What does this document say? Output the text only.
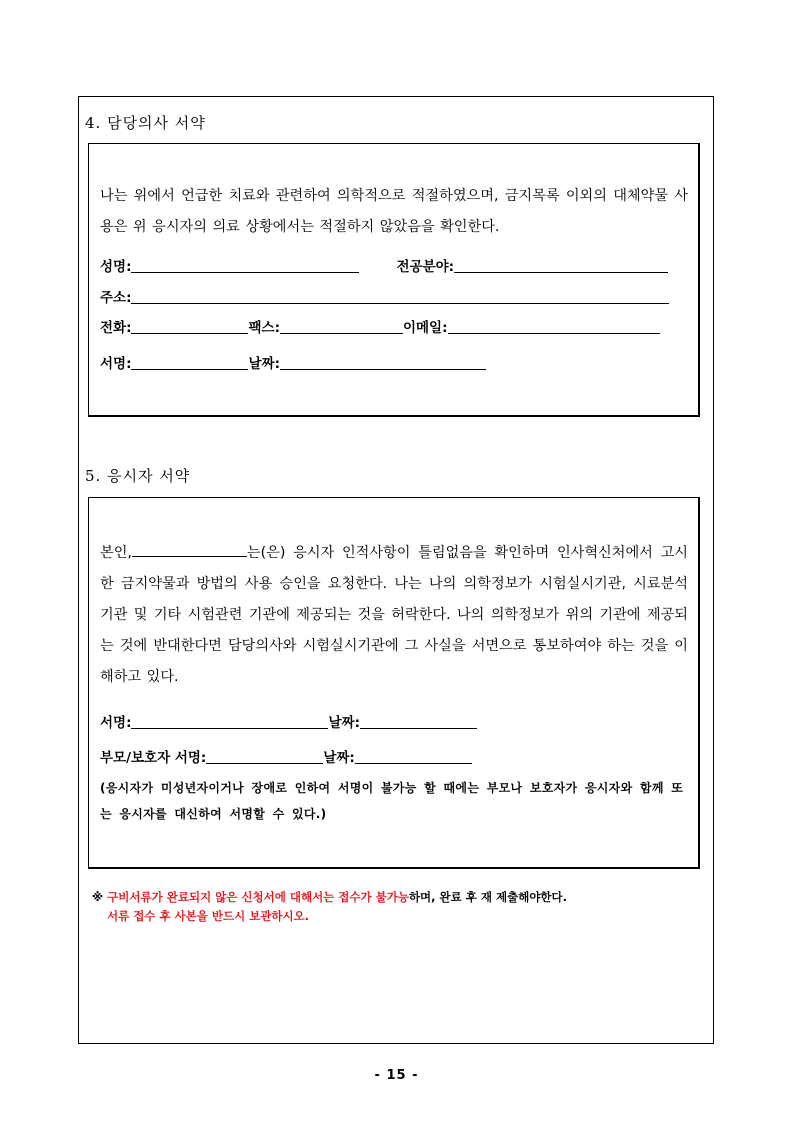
4. 담당의사 서약
나는 위에서 언급한 치료와 관련하여 의학적으로 적절하였으며, 금지목록 이외의 대체약물 사용은 위 응시자의 의료 상황에서는 적절하지 않았음을 확인한다.
성명:	전공분야:
주소:
전화:	팩스:	이메일:
서명:	날짜:
5. 응시자 서약
본인,	는(은) 응시자 인적사항이 틀림없음을 확인하며 인사혁신처에서 고시한 금지약물과 방법의 사용 승인을 요청한다. 나는 나의 의학정보가 시험실시기관, 시료분석 기관 및 기타 시험관련 기관에 제공되는 것을 허락한다. 나의 의학정보가 위의 기관에 제공되는 것에 반대한다면 담당의사와 시험실시기관에 그 사실을 서면으로 통보하여야 하는 것을 이해하고 있다.
서명:	날짜:
부모/보호자 서명:	날짜:
(응시자가 미성년자이거나 장애로 인하여 서명이 불가능 할 때에는 부모나 보호자가 응시자와 함께 또는 응시자를 대신하여 서명할 수 있다.)
※ 구비서류가 완료되지 않은 신청서에 대해서는 접수가 불가능하며, 완료 후 재 제출해야한다.
서류 접수 후 사본을 반드시 보관하시오.
- 15 -
